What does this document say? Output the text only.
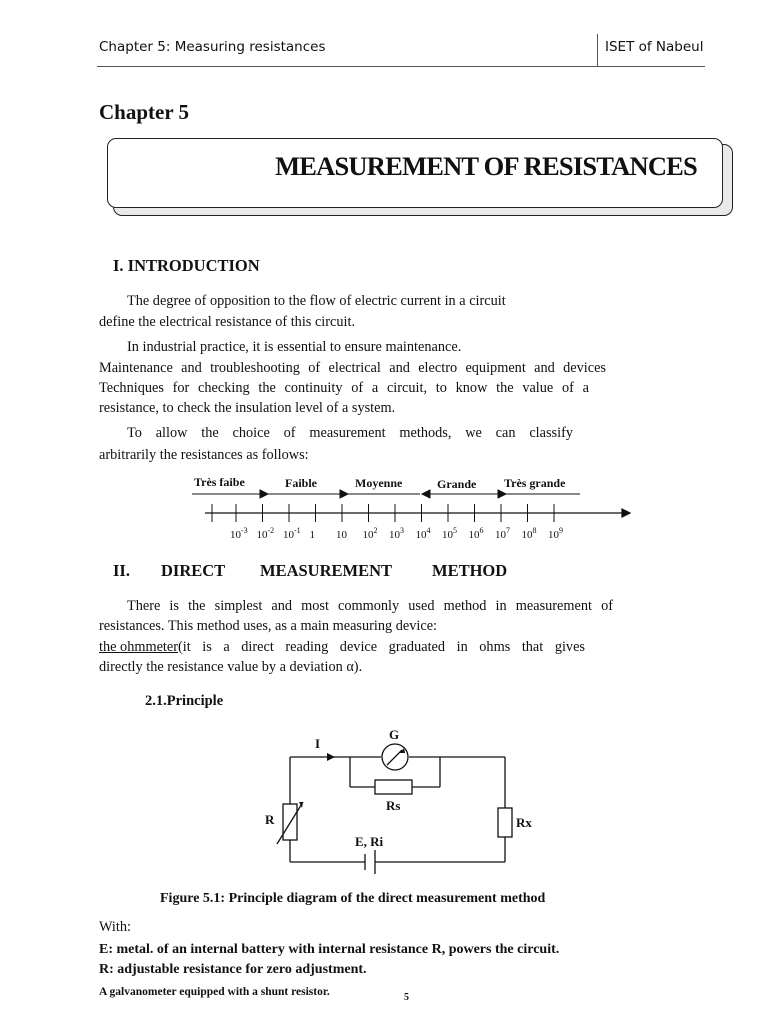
Chapter 5: Measuring resistances	ISET of Nabeul
Chapter 5
MEASUREMENT OF RESISTANCES
I. INTRODUCTION
The degree of opposition to the flow of electric current in a circuit
define the electrical resistance of this circuit.
In industrial practice, it is essential to ensure maintenance.
Maintenance and troubleshooting of electrical and electro equipment and devices
Techniques for checking the continuity of a circuit, to know the value of a
resistance, to check the insulation level of a system.
To allow the choice of measurement methods, we can classify
arbitrarily the resistances as follows:
Très faibe	Faible	Moyenne	Grande Très grande
$10^{-3}$ $10^{-2}$ $10^{-1}$ 1 10 $10^2$ $10^3$ $10^4$ $10^5$ $10^6$ $10^7$ $10^8$ $10^9$
II. DIRECT MEASUREMENT METHOD
There is the simplest and most commonly used method in measurement of
resistances. This method uses, as a main measuring device:
the ohmmeter (it is a direct reading device graduated in ohms that gives
directly the resistance value by a deviation α).
2.1.Principle
I
G
Rs
R	Rx
E, Ri
Figure 5.1: Principle diagram of the direct measurement method
With:
E: metal. of an internal battery with internal resistance R, powers the circuit.
R: adjustable resistance for zero adjustment.
A galvanometer equipped with a shunt resistor.	5
